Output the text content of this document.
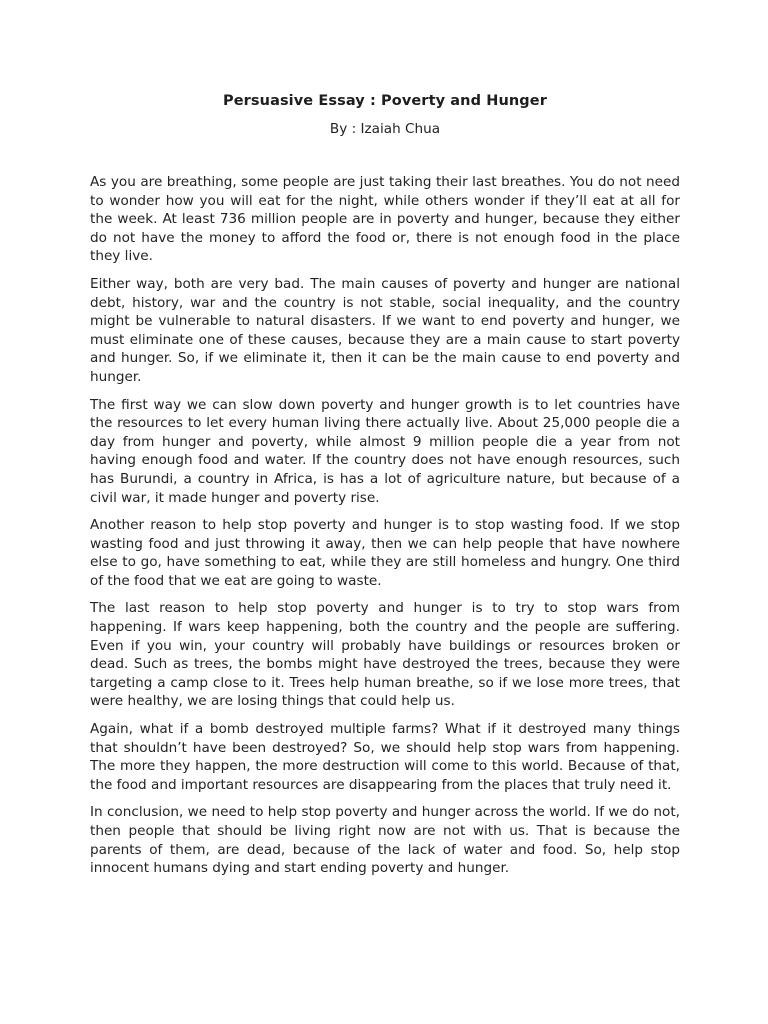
Persuasive Essay : Poverty and Hunger

By : Izaiah Chua

As you are breathing, some people are just taking their last breathes. You do not need to wonder how you will eat for the night, while others wonder if they’ll eat at all for the week. At least 736 million people are in poverty and hunger, because they either do not have the money to afford the food or, there is not enough food in the place they live.

Either way, both are very bad. The main causes of poverty and hunger are national debt, history, war and the country is not stable, social inequality, and the country might be vulnerable to natural disasters. If we want to end poverty and hunger, we must eliminate one of these causes, because they are a main cause to start poverty and hunger. So, if we eliminate it, then it can be the main cause to end poverty and hunger.

The first way we can slow down poverty and hunger growth is to let countries have the resources to let every human living there actually live. About 25,000 people die a day from hunger and poverty, while almost 9 million people die a year from not having enough food and water. If the country does not have enough resources, such has Burundi, a country in Africa, is has a lot of agriculture nature, but because of a civil war, it made hunger and poverty rise.

Another reason to help stop poverty and hunger is to stop wasting food. If we stop wasting food and just throwing it away, then we can help people that have nowhere else to go, have something to eat, while they are still homeless and hungry. One third of the food that we eat are going to waste.

The last reason to help stop poverty and hunger is to try to stop wars from happening. If wars keep happening, both the country and the people are suffering. Even if you win, your country will probably have buildings or resources broken or dead. Such as trees, the bombs might have destroyed the trees, because they were targeting a camp close to it. Trees help human breathe, so if we lose more trees, that were healthy, we are losing things that could help us.

Again, what if a bomb destroyed multiple farms? What if it destroyed many things that shouldn’t have been destroyed? So, we should help stop wars from happening. The more they happen, the more destruction will come to this world. Because of that, the food and important resources are disappearing from the places that truly need it.

In conclusion, we need to help stop poverty and hunger across the world. If we do not, then people that should be living right now are not with us. That is because the parents of them, are dead, because of the lack of water and food. So, help stop innocent humans dying and start ending poverty and hunger.
